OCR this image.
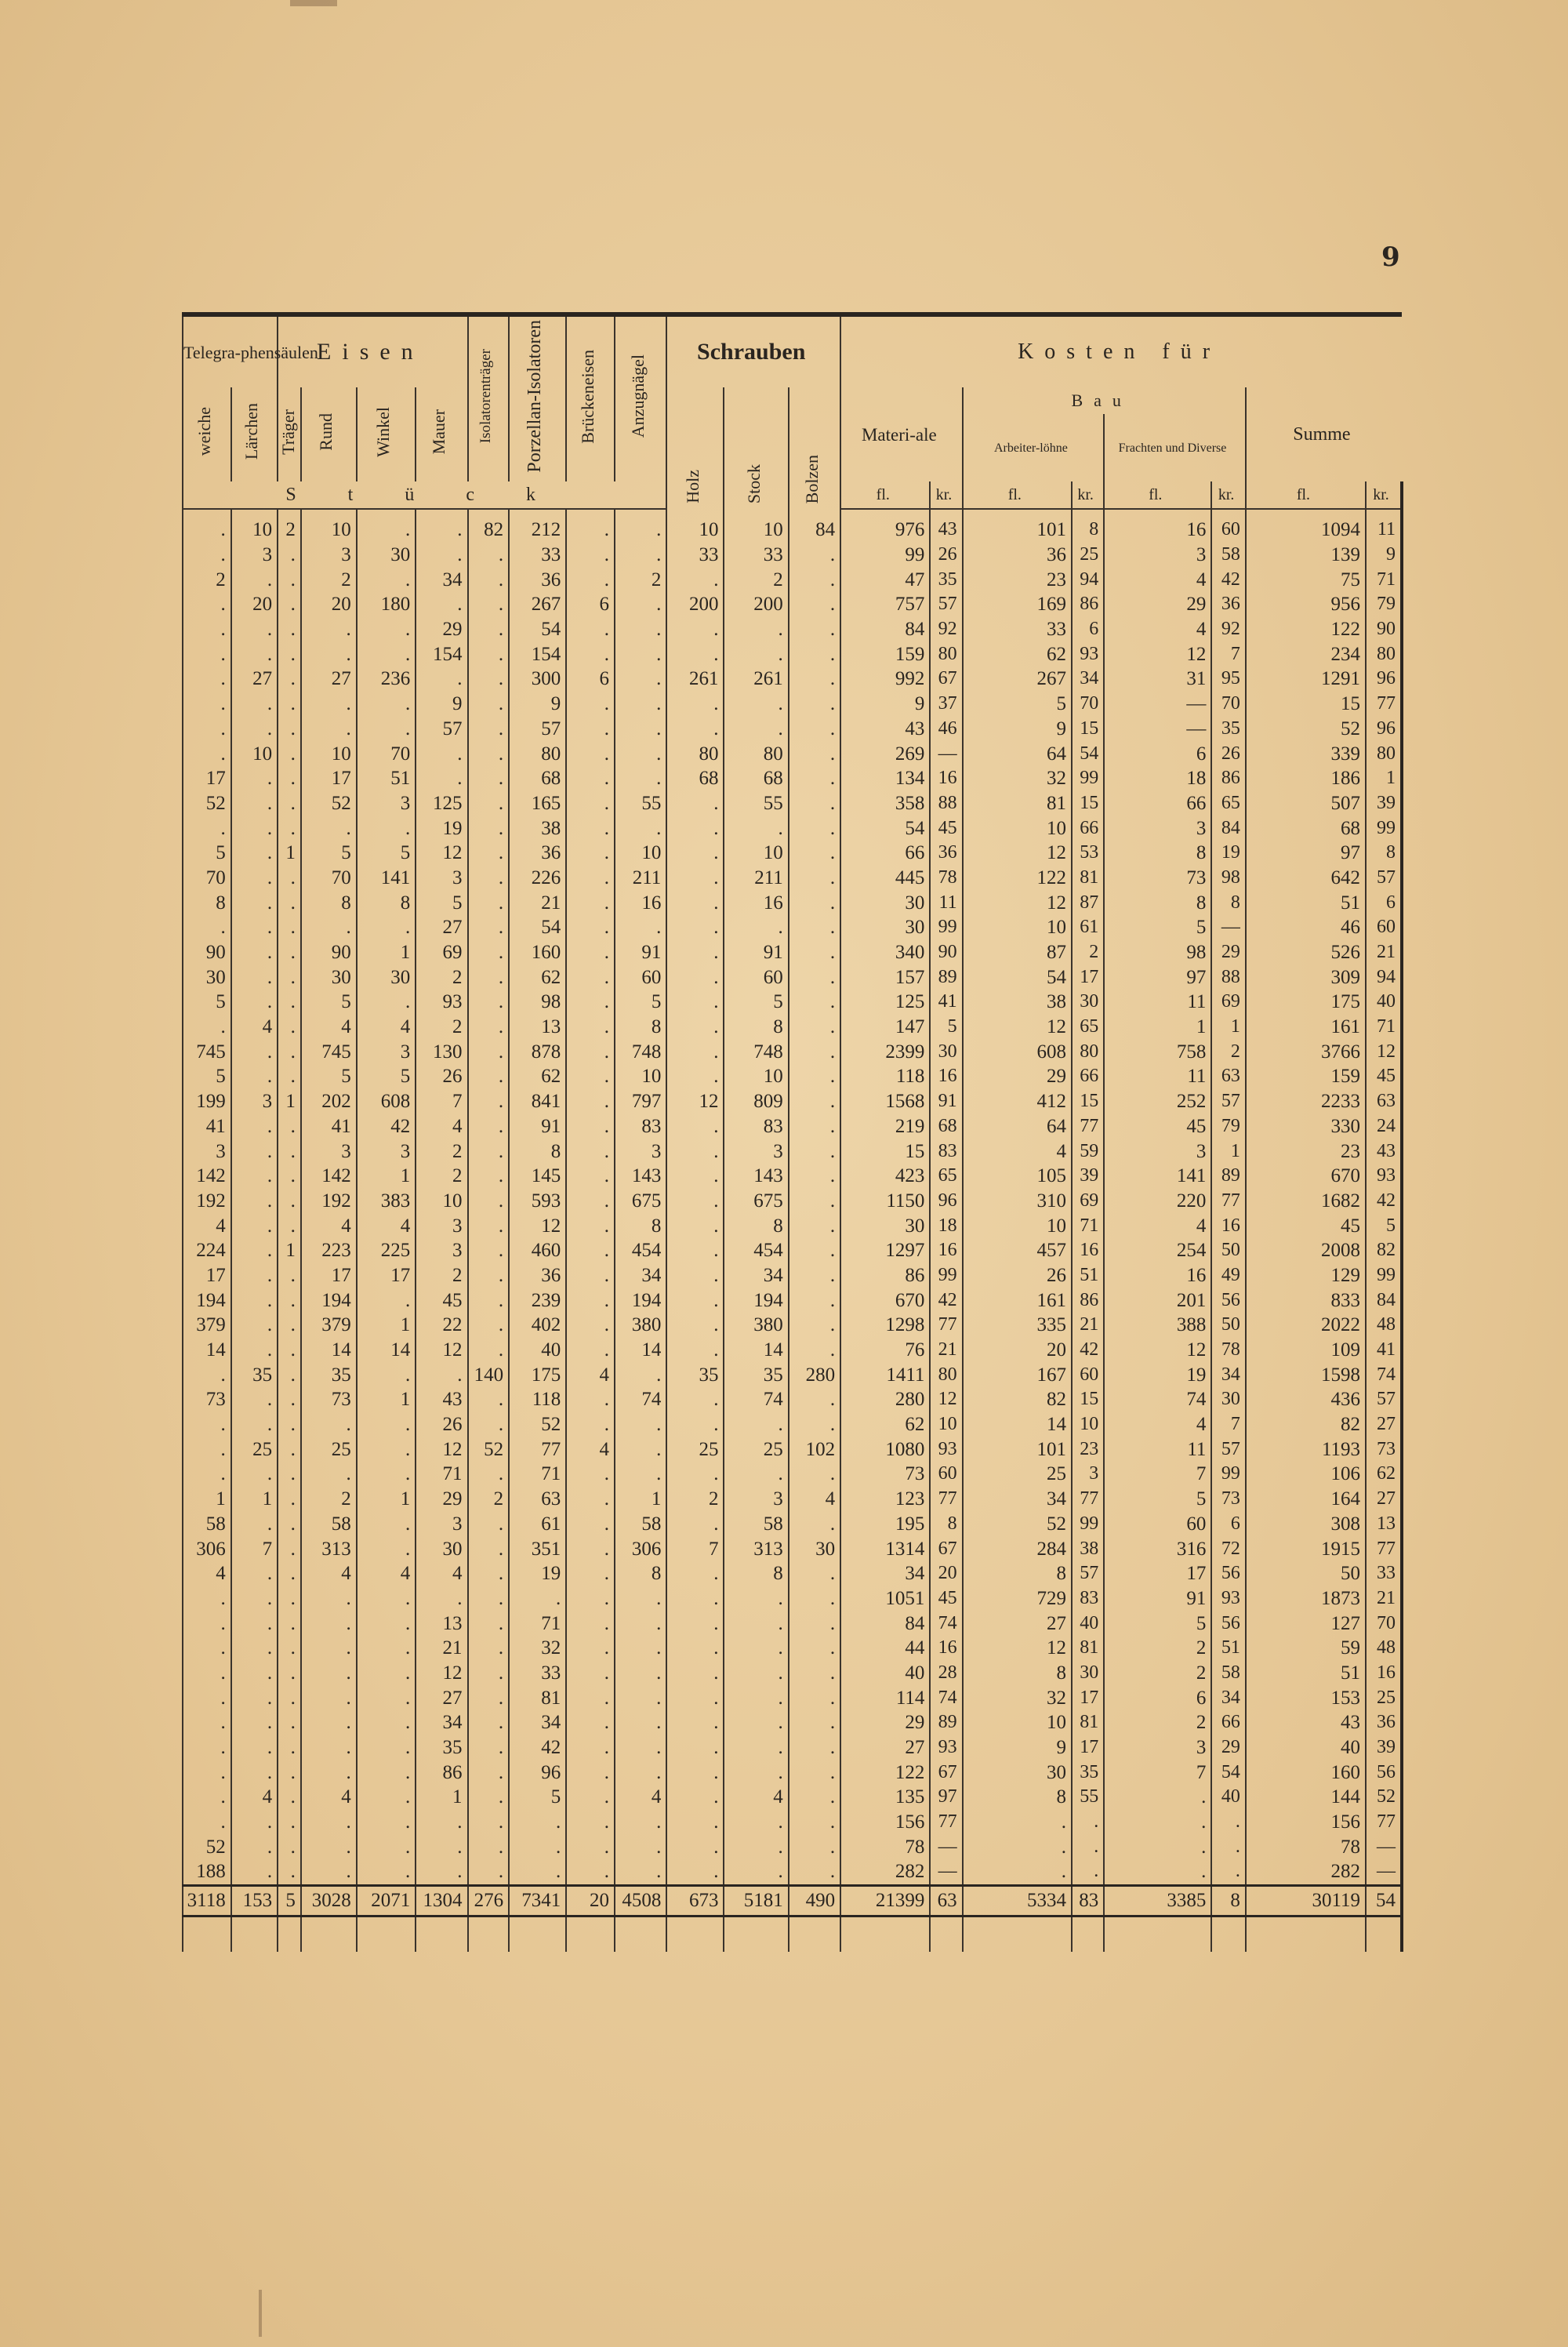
9
Telegra-phensäulen		Eisen				Isolatorenträger	Porzellan-Isolatoren	Brückeneisen	Anzugnägel	Schrauben			Kosten für							
weiche	Lärchen	Träger	Rund	Winkel	Mauer					Holz	Stock	Bolzen	Materi-ale		Bau				Summe	
															Arbeiter-löhne		Frachten und Diverse			
S t ü c k													fl.	kr.	fl.	kr.	fl.	kr.	fl.	kr.
.	10	2	10	.	.	82	212	.	.	10	10	84	976	43	101	8	16	60	1094	11
.	3	.	3	30	.	.	33	.	.	33	33	.	99	26	36	25	3	58	139	9
2	.	.	2	.	34	.	36	.	2	.	2	.	47	35	23	94	4	42	75	71
.	20	.	20	180	.	.	267	6	.	200	200	.	757	57	169	86	29	36	956	79
.	.	.	.	.	29	.	54	.	.	.	.	.	84	92	33	6	4	92	122	90
.	.	.	.	.	154	.	154	.	.	.	.	.	159	80	62	93	12	7	234	80
.	27	.	27	236	.	.	300	6	.	261	261	.	992	67	267	34	31	95	1291	96
.	.	.	.	.	9	.	9	.	.	.	.	.	9	37	5	70	—	70	15	77
.	.	.	.	.	57	.	57	.	.	.	.	.	43	46	9	15	—	35	52	96
.	10	.	10	70	.	.	80	.	.	80	80	.	269	—	64	54	6	26	339	80
17	.	.	17	51	.	.	68	.	.	68	68	.	134	16	32	99	18	86	186	1
52	.	.	52	3	125	.	165	.	55	.	55	.	358	88	81	15	66	65	507	39
.	.	.	.	.	19	.	38	.	.	.	.	.	54	45	10	66	3	84	68	99
5	.	1	5	5	12	.	36	.	10	.	10	.	66	36	12	53	8	19	97	8
70	.	.	70	141	3	.	226	.	211	.	211	.	445	78	122	81	73	98	642	57
8	.	.	8	8	5	.	21	.	16	.	16	.	30	11	12	87	8	8	51	6
.	.	.	.	.	27	.	54	.	.	.	.	.	30	99	10	61	5	—	46	60
90	.	.	90	1	69	.	160	.	91	.	91	.	340	90	87	2	98	29	526	21
30	.	.	30	30	2	.	62	.	60	.	60	.	157	89	54	17	97	88	309	94
5	.	.	5	.	93	.	98	.	5	.	5	.	125	41	38	30	11	69	175	40
.	4	.	4	4	2	.	13	.	8	.	8	.	147	5	12	65	1	1	161	71
745	.	.	745	3	130	.	878	.	748	.	748	.	2399	30	608	80	758	2	3766	12
5	.	.	5	5	26	.	62	.	10	.	10	.	118	16	29	66	11	63	159	45
199	3	1	202	608	7	.	841	.	797	12	809	.	1568	91	412	15	252	57	2233	63
41	.	.	41	42	4	.	91	.	83	.	83	.	219	68	64	77	45	79	330	24
3	.	.	3	3	2	.	8	.	3	.	3	.	15	83	4	59	3	1	23	43
142	.	.	142	1	2	.	145	.	143	.	143	.	423	65	105	39	141	89	670	93
192	.	.	192	383	10	.	593	.	675	.	675	.	1150	96	310	69	220	77	1682	42
4	.	.	4	4	3	.	12	.	8	.	8	.	30	18	10	71	4	16	45	5
224	.	1	223	225	3	.	460	.	454	.	454	.	1297	16	457	16	254	50	2008	82
17	.	.	17	17	2	.	36	.	34	.	34	.	86	99	26	51	16	49	129	99
194	.	.	194	.	45	.	239	.	194	.	194	.	670	42	161	86	201	56	833	84
379	.	.	379	1	22	.	402	.	380	.	380	.	1298	77	335	21	388	50	2022	48
14	.	.	14	14	12	.	40	.	14	.	14	.	76	21	20	42	12	78	109	41
.	35	.	35	.	.	140	175	4	.	35	35	280	1411	80	167	60	19	34	1598	74
73	.	.	73	1	43	.	118	.	74	.	74	.	280	12	82	15	74	30	436	57
.	.	.	.	.	26	.	52	.	.	.	.	.	62	10	14	10	4	7	82	27
.	25	.	25	.	12	52	77	4	.	25	25	102	1080	93	101	23	11	57	1193	73
.	.	.	.	.	71	.	71	.	.	.	.	.	73	60	25	3	7	99	106	62
1	1	.	2	1	29	2	63	.	1	2	3	4	123	77	34	77	5	73	164	27
58	.	.	58	.	3	.	61	.	58	.	58	.	195	8	52	99	60	6	308	13
306	7	.	313	.	30	.	351	.	306	7	313	30	1314	67	284	38	316	72	1915	77
4	.	.	4	4	4	.	19	.	8	.	8	.	34	20	8	57	17	56	50	33
.	.	.	.	.	.	.	.	.	.	.	.	.	1051	45	729	83	91	93	1873	21
.	.	.	.	.	13	.	71	.	.	.	.	.	84	74	27	40	5	56	127	70
.	.	.	.	.	21	.	32	.	.	.	.	.	44	16	12	81	2	51	59	48
.	.	.	.	.	12	.	33	.	.	.	.	.	40	28	8	30	2	58	51	16
.	.	.	.	.	27	.	81	.	.	.	.	.	114	74	32	17	6	34	153	25
.	.	.	.	.	34	.	34	.	.	.	.	.	29	89	10	81	2	66	43	36
.	.	.	.	.	35	.	42	.	.	.	.	.	27	93	9	17	3	29	40	39
.	.	.	.	.	86	.	96	.	.	.	.	.	122	67	30	35	7	54	160	56
.	4	.	4	.	1	.	5	.	4	.	4	.	135	97	8	55	.	40	144	52
.	.	.	.	.	.	.	.	.	.	.	.	.	156	77	.	.	.	.	156	77
52	.	.	.	.	.	.	.	.	.	.	.	.	78	—	.	.	.	.	78	—
188	.	.	.	.	.	.	.	.	.	.	.	.	282	—	.	.	.	.	282	—
3118	153	5	3028	2071	1304	276	7341	20	4508	673	5181	490	21399	63	5334	83	3385	8	30119	54
